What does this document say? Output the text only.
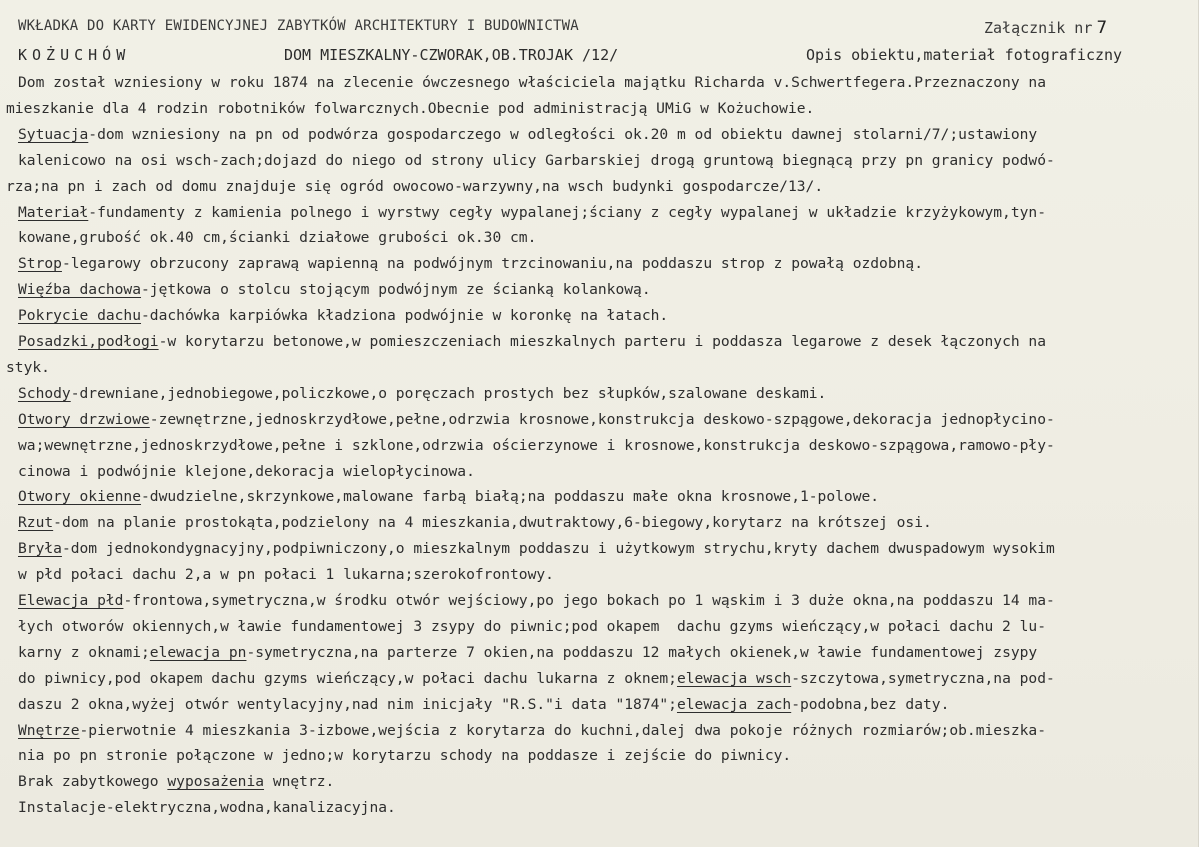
WKŁADKA DO KARTY EWIDENCYJNEJ ZABYTKÓW ARCHITEKTURY I BUDOWNICTWA	Załącznik nr 7
KOŻUCHÓW	DOM MIESZKALNY-CZWORAK,OB.TROJAK /12/	Opis obiektu,materiał fotograficzny
Dom został wzniesiony w roku 1874 na zlecenie ówczesnego właściciela majątku Richarda v.Schwertfegera.Przeznaczony na
mieszkanie dla 4 rodzin robotników folwarcznych.Obecnie pod administracją UMiG w Kożuchowie.
Sytuacja-dom wzniesiony na pn od podwórza gospodarczego w odległości ok.20 m od obiektu dawnej stolarni/7/;ustawiony
kalenicowo na osi wsch-zach;dojazd do niego od strony ulicy Garbarskiej drogą gruntową biegnącą przy pn granicy podwó-
rza;na pn i zach od domu znajduje się ogród owocowo-warzywny,na wsch budynki gospodarcze/13/.
Materiał-fundamenty z kamienia polnego i wyrstwy cegły wypalanej;ściany z cegły wypalanej w układzie krzyżykowym,tyn-
kowane,grubość ok.40 cm,ścianki działowe grubości ok.30 cm.
Strop-legarowy obrzucony zaprawą wapienną na podwójnym trzcinowaniu,na poddaszu strop z powałą ozdobną.
Więźba dachowa-jętkowa o stolcu stojącym podwójnym ze ścianką kolankową.
Pokrycie dachu-dachówka karpiówka kładziona podwójnie w koronkę na łatach.
Posadzki,podłogi-w korytarzu betonowe,w pomieszczeniach mieszkalnych parteru i poddasza legarowe z desek łączonych na
styk.
Schody-drewniane,jednobiegowe,policzkowe,o poręczach prostych bez słupków,szalowane deskami.
Otwory drzwiowe-zewnętrzne,jednoskrzydłowe,pełne,odrzwia krosnowe,konstrukcja deskowo-szpągowe,dekoracja jednopłycino-
wa;wewnętrzne,jednoskrzydłowe,pełne i szklone,odrzwia ościerzynowe i krosnowe,konstrukcja deskowo-szpągowa,ramowo-pły-
cinowa i podwójnie klejone,dekoracja wielopłycinowa.
Otwory okienne-dwudzielne,skrzynkowe,malowane farbą białą;na poddaszu małe okna krosnowe,1-polowe.
Rzut-dom na planie prostokąta,podzielony na 4 mieszkania,dwutraktowy,6-biegowy,korytarz na krótszej osi.
Bryła-dom jednokondygnacyjny,podpiwniczony,o mieszkalnym poddaszu i użytkowym strychu,kryty dachem dwuspadowym wysokim
w płd połaci dachu 2,a w pn połaci 1 lukarna;szerokofrontowy.
Elewacja płd-frontowa,symetryczna,w środku otwór wejściowy,po jego bokach po 1 wąskim i 3 duże okna,na poddaszu 14 ma-
łych otworów okiennych,w ławie fundamentowej 3 zsypy do piwnic;pod okapem  dachu gzyms wieńczący,w połaci dachu 2 lu-
karny z oknami;elewacja pn-symetryczna,na parterze 7 okien,na poddaszu 12 małych okienek,w ławie fundamentowej zsypy
do piwnicy,pod okapem dachu gzyms wieńczący,w połaci dachu lukarna z oknem;elewacja wsch-szczytowa,symetryczna,na pod-
daszu 2 okna,wyżej otwór wentylacyjny,nad nim inicjały "R.S."i data "1874";elewacja zach-podobna,bez daty.
Wnętrze-pierwotnie 4 mieszkania 3-izbowe,wejścia z korytarza do kuchni,dalej dwa pokoje różnych rozmiarów;ob.mieszka-
nia po pn stronie połączone w jedno;w korytarzu schody na poddasze i zejście do piwnicy.
Brak zabytkowego wyposażenia wnętrz.
Instalacje-elektryczna,wodna,kanalizacyjna.
